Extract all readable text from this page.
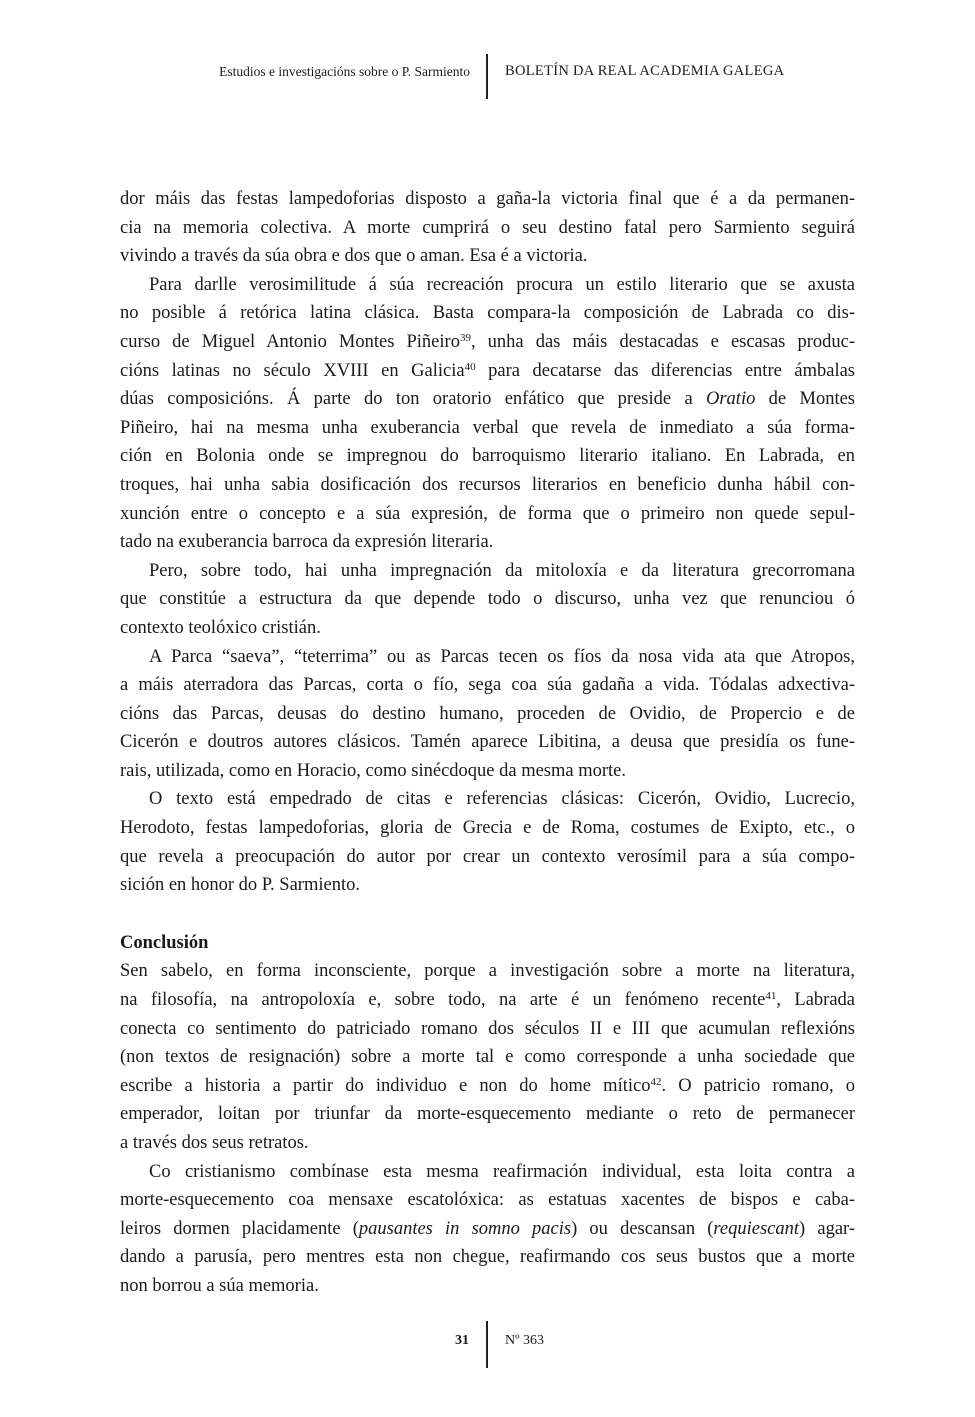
Estudios e investigacións sobre o P. Sarmiento BOLETÍN DA REAL ACADEMIA GALEGA
dor máis das festas lampedoforias disposto a gaña-la victoria final que é a da permanen-
cia na memoria colectiva. A morte cumprirá o seu destino fatal pero Sarmiento seguirá
vivindo a través da súa obra e dos que o aman. Esa é a victoria.
Para darlle verosimilitude á súa recreación procura un estilo literario que se axusta
no posible á retórica latina clásica. Basta compara-la composición de Labrada co dis-
curso de Miguel Antonio Montes Piñeiro$^{39}$, unha das máis destacadas e escasas produc-
cións latinas no século XVIII en Galicia$^{40}$ para decatarse das diferencias entre ámbalas
dúas composicións. Á parte do ton oratorio enfático que preside a Oratio de Montes
Piñeiro, hai na mesma unha exuberancia verbal que revela de inmediato a súa forma-
ción en Bolonia onde se impregnou do barroquismo literario italiano. En Labrada, en
troques, hai unha sabia dosificación dos recursos literarios en beneficio dunha hábil con-
xunción entre o concepto e a súa expresión, de forma que o primeiro non quede sepul-
tado na exuberancia barroca da expresión literaria.
Pero, sobre todo, hai unha impregnación da mitoloxía e da literatura grecorromana
que constitúe a estructura da que depende todo o discurso, unha vez que renunciou ó
contexto teolóxico cristián.
A Parca “saeva”, “teterrima” ou as Parcas tecen os fíos da nosa vida ata que Atropos,
a máis aterradora das Parcas, corta o fío, sega coa súa gadaña a vida. Tódalas adxectiva-
cións das Parcas, deusas do destino humano, proceden de Ovidio, de Propercio e de
Cicerón e doutros autores clásicos. Tamén aparece Libitina, a deusa que presidía os fune-
rais, utilizada, como en Horacio, como sinécdoque da mesma morte.
O texto está empedrado de citas e referencias clásicas: Cicerón, Ovidio, Lucrecio,
Herodoto, festas lampedoforias, gloria de Grecia e de Roma, costumes de Exipto, etc., o
que revela a preocupación do autor por crear un contexto verosímil para a súa compo-
sición en honor do P. Sarmiento.
Conclusión
Sen sabelo, en forma inconsciente, porque a investigación sobre a morte na literatura,
na filosofía, na antropoloxía e, sobre todo, na arte é un fenómeno recente$^{41}$, Labrada
conecta co sentimento do patriciado romano dos séculos II e III que acumulan reflexións
(non textos de resignación) sobre a morte tal e como corresponde a unha sociedade que
escribe a historia a partir do individuo e non do home mítico$^{42}$. O patricio romano, o
emperador, loitan por triunfar da morte-esquecemento mediante o reto de permanecer
a través dos seus retratos.
Co cristianismo combínase esta mesma reafirmación individual, esta loita contra a
morte-esquecemento coa mensaxe escatolóxica: as estatuas xacentes de bispos e caba-
leiros dormen placidamente (pausantes in somno pacis) ou descansan (requiescant) agar-
dando a parusía, pero mentres esta non chegue, reafirmando cos seus bustos que a morte
non borrou a súa memoria.
31	Nº 363
